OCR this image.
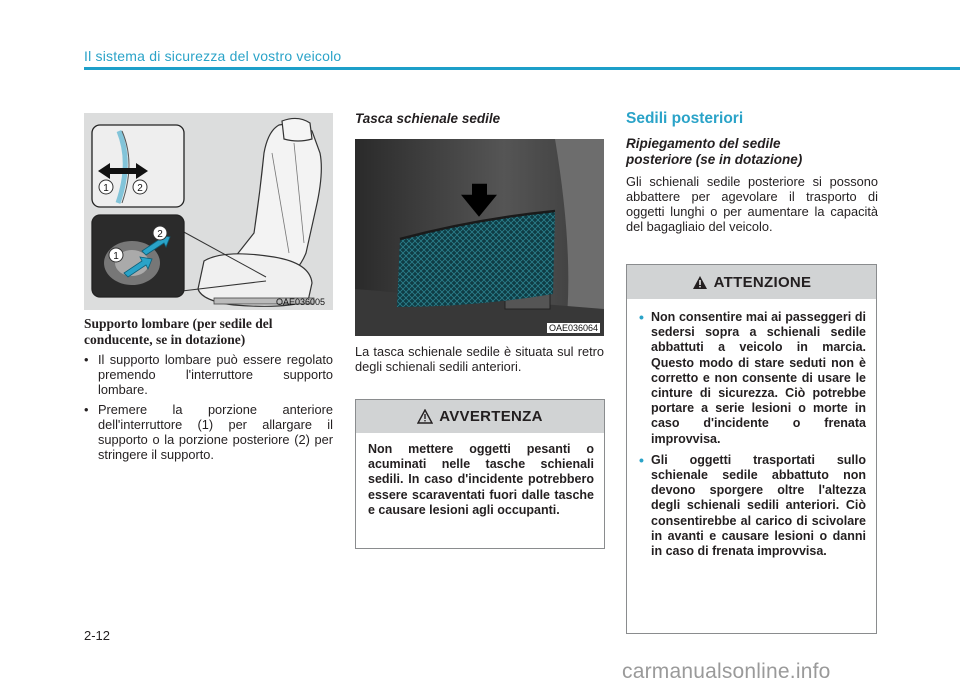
Il sistema di sicurezza del vostro veicolo
1	2
1
2
OAE036005
Supporto lombare (per sedile del conducente, se in dotazione)
• Il supporto lombare può essere regolato premendo l'interruttore supporto lombare.
• Premere la porzione anteriore dell'interruttore (1) per allargare il supporto o la porzione posteriore (2) per stringere il supporto.
Tasca schienale sedile
OAE036064
La tasca schienale sedile è situata sul retro degli schienali sedili anteriori.
AVVERTENZA
Non mettere oggetti pesanti o acuminati nelle tasche schienali sedili. In caso d'incidente potrebbero essere scaraventati fuori dalle tasche e causare lesioni agli occupanti.
Sedili posteriori
Ripiegamento del sedile posteriore (se in dotazione)
Gli schienali sedile posteriore si possono abbattere per agevolare il trasporto di oggetti lunghi o per aumentare la capacità del bagagliaio del veicolo.
ATTENZIONE
• Non consentire mai ai passeggeri di sedersi sopra a schienali sedile abbattuti a veicolo in marcia. Questo modo di stare seduti non è corretto e non consente di usare le cinture di sicurezza. Ciò potrebbe portare a serie lesioni o morte in caso d'incidente o frenata improvvisa.
• Gli oggetti trasportati sullo schienale sedile abbattuto non devono sporgere oltre l'altezza degli schienali sedili anteriori. Ciò consentirebbe al carico di scivolare in avanti e causare lesioni o danni in caso di frenata improvvisa.
2-12
carmanualsonline.info
